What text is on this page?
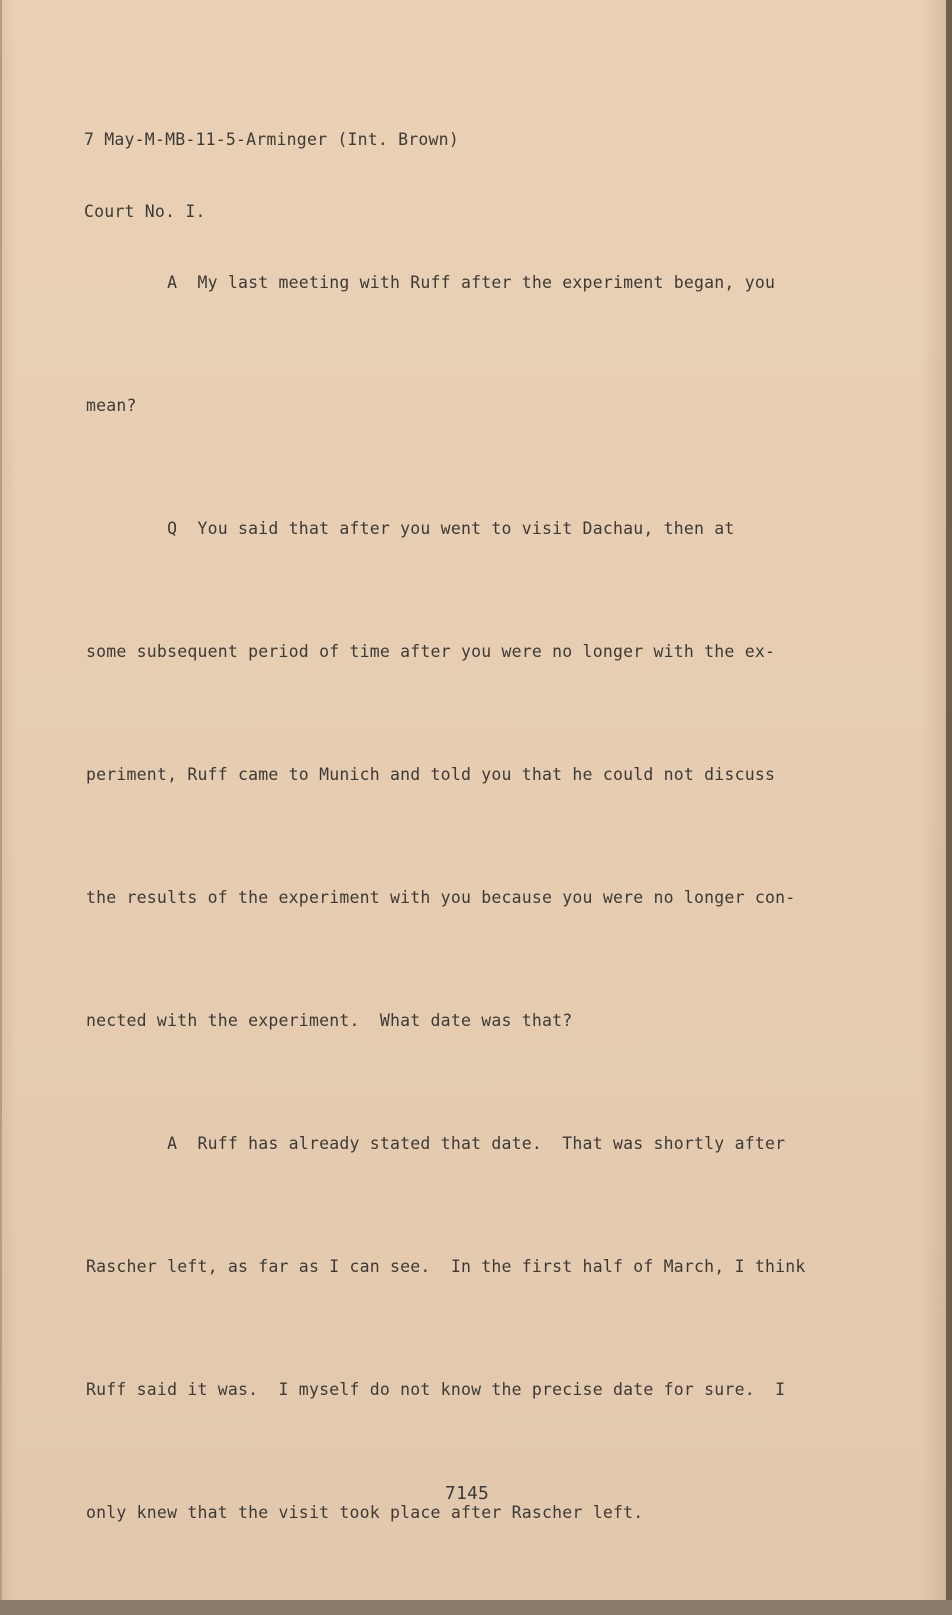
7 May-M-MB-11-5-Arminger (Int. Brown)

Court No. I.

A  My last meeting with Ruff after the experiment began, you

mean?

Q  You said that after you went to visit Dachau, then at

some subsequent period of time after you were no longer with the ex-

periment, Ruff came to Munich and told you that he could not discuss

the results of the experiment with you because you were no longer con-

nected with the experiment.  What date was that?

A  Ruff has already stated that date.  That was shortly after

Rascher left, as far as I can see.  In the first half of March, I think

Ruff said it was.  I myself do not know the precise date for sure.  I

only knew that the visit took place after Rascher left.

7145
